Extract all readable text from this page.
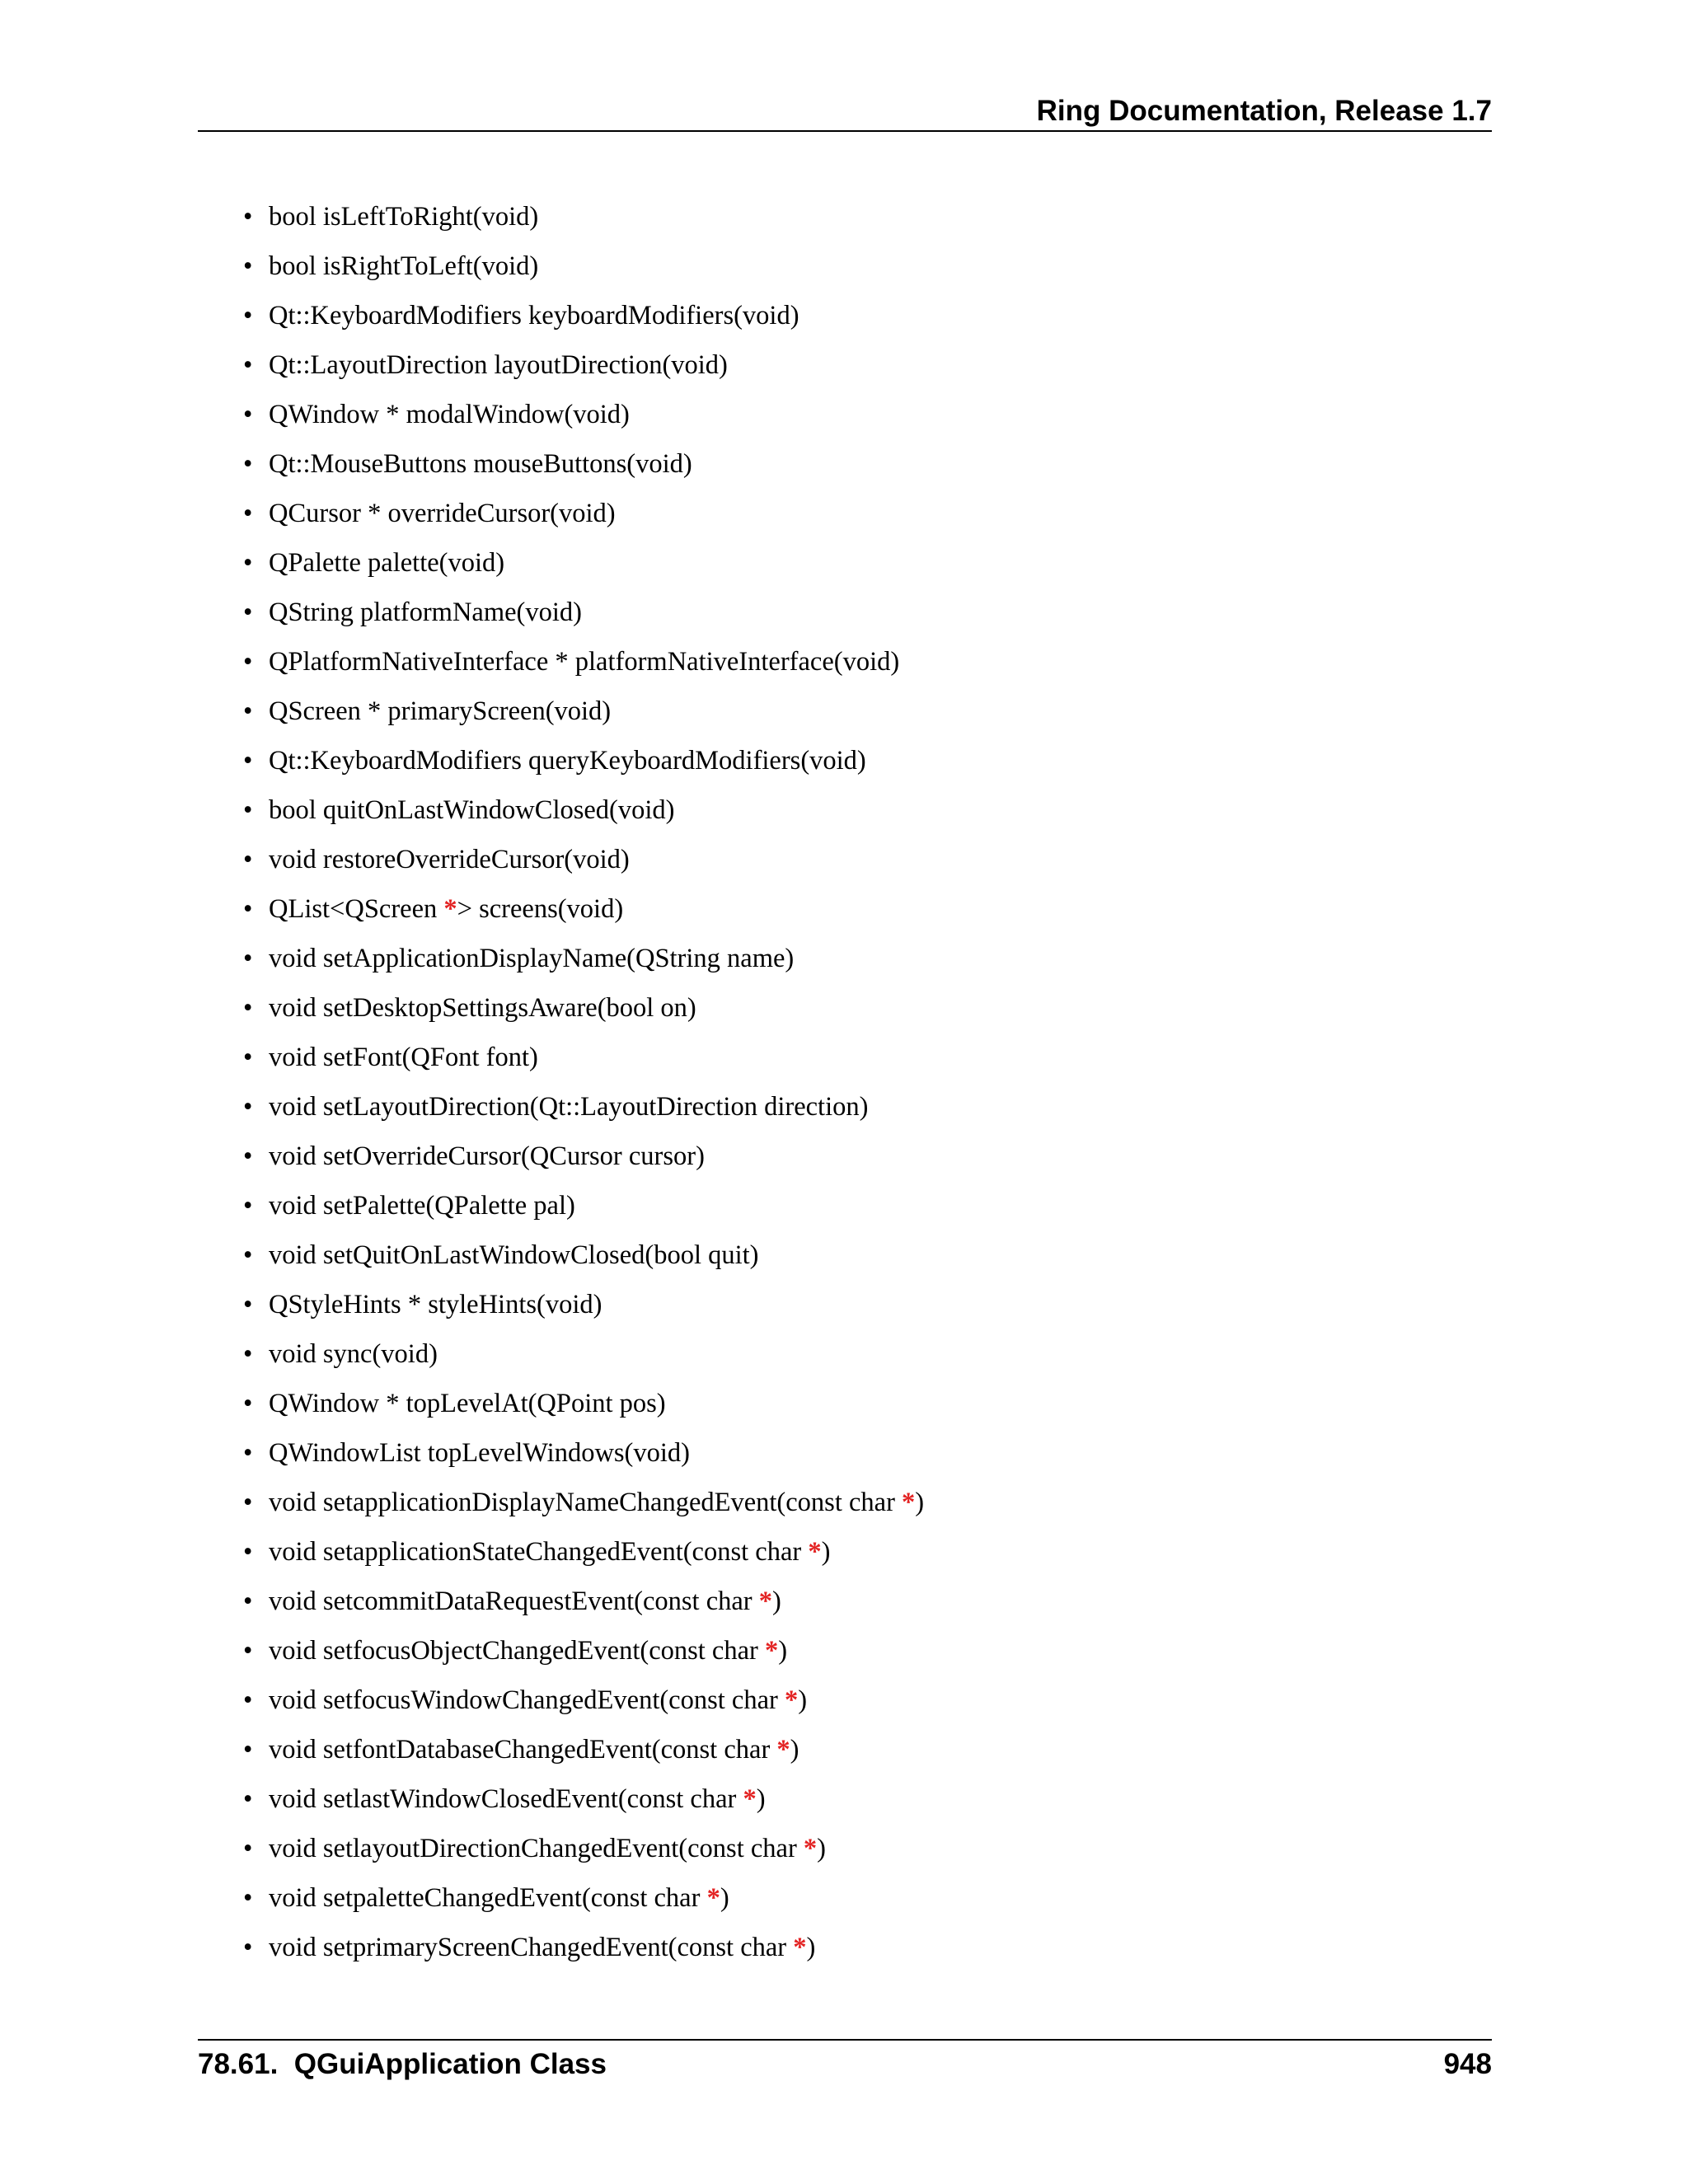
Ring Documentation, Release 1.7
• bool isLeftToRight(void)
• bool isRightToLeft(void)
• Qt::KeyboardModifiers keyboardModifiers(void)
• Qt::LayoutDirection layoutDirection(void)
• QWindow * modalWindow(void)
• Qt::MouseButtons mouseButtons(void)
• QCursor * overrideCursor(void)
• QPalette palette(void)
• QString platformName(void)
• QPlatformNativeInterface * platformNativeInterface(void)
• QScreen * primaryScreen(void)
• Qt::KeyboardModifiers queryKeyboardModifiers(void)
• bool quitOnLastWindowClosed(void)
• void restoreOverrideCursor(void)
• QList<QScreen *> screens(void)
• void setApplicationDisplayName(QString name)
• void setDesktopSettingsAware(bool on)
• void setFont(QFont font)
• void setLayoutDirection(Qt::LayoutDirection direction)
• void setOverrideCursor(QCursor cursor)
• void setPalette(QPalette pal)
• void setQuitOnLastWindowClosed(bool quit)
• QStyleHints * styleHints(void)
• void sync(void)
• QWindow * topLevelAt(QPoint pos)
• QWindowList topLevelWindows(void)
• void setapplicationDisplayNameChangedEvent(const char *)
• void setapplicationStateChangedEvent(const char *)
• void setcommitDataRequestEvent(const char *)
• void setfocusObjectChangedEvent(const char *)
• void setfocusWindowChangedEvent(const char *)
• void setfontDatabaseChangedEvent(const char *)
• void setlastWindowClosedEvent(const char *)
• void setlayoutDirectionChangedEvent(const char *)
• void setpaletteChangedEvent(const char *)
• void setprimaryScreenChangedEvent(const char *)
78.61.  QGuiApplication Class	948
